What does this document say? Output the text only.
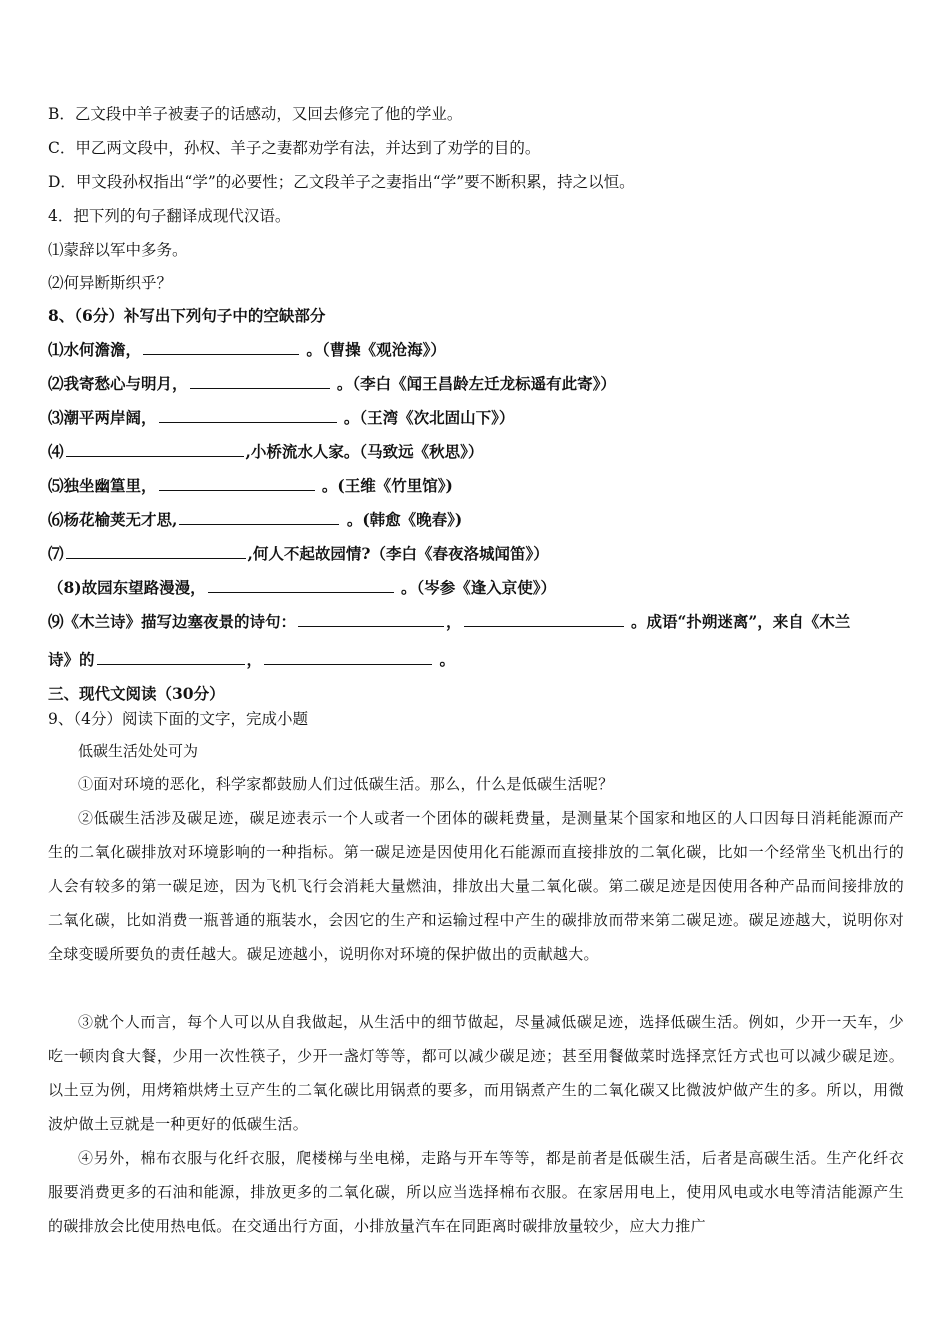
B．乙文段中羊子被妻子的话感动，又回去修完了他的学业。
C．甲乙两文段中，孙权、羊子之妻都劝学有法，并达到了劝学的目的。
D．甲文段孙权指出“学”的必要性；乙文段羊子之妻指出“学”要不断积累，持之以恒。
4．把下列的句子翻译成现代汉语。
⑴蒙辞以军中多务。
⑵何异断斯织乎？
8、（6分）补写出下列句子中的空缺部分
⑴水何澹澹，	。（曹操《观沧海》）
⑵我寄愁心与明月，	。（李白《闻王昌龄左迁龙标遥有此寄》）
⑶潮平两岸阔，	。（王湾《次北固山下》）
⑷	,小桥流水人家。（马致远《秋思》）
⑸独坐幽篁里，	。(王维《竹里馆》)
⑹杨花榆荚无才思,	。(韩愈《晚春》)
⑺	,何人不起故园情?（李白《春夜洛城闻笛》）
（8)故园东望路漫漫，	。（岑参《逢入京使》）
⑼《木兰诗》描写边塞夜景的诗句：	，	。成语“扑朔迷离”，来自《木兰
诗》的	，	。
三、现代文阅读（30分）
9、（4分）阅读下面的文字，完成小题
低碳生活处处可为
①面对环境的恶化，科学家都鼓励人们过低碳生活。那么，什么是低碳生活呢？
②低碳生活涉及碳足迹，碳足迹表示一个人或者一个团体的碳耗费量，是测量某个国家和地区的人口因每日消耗能源而产生的二氧化碳排放对环境影响的一种指标。第一碳足迹是因使用化石能源而直接排放的二氧化碳，比如一个经常坐飞机出行的人会有较多的第一碳足迹，因为飞机飞行会消耗大量燃油，排放出大量二氧化碳。第二碳足迹是因使用各种产品而间接排放的二氧化碳，比如消费一瓶普通的瓶装水，会因它的生产和运输过程中产生的碳排放而带来第二碳足迹。碳足迹越大，说明你对全球变暖所要负的责任越大。碳足迹越小，说明你对环境的保护做出的贡献越大。
③就个人而言，每个人可以从自我做起，从生活中的细节做起，尽量减低碳足迹，选择低碳生活。例如，少开一天车，少吃一顿肉食大餐，少用一次性筷子，少开一盏灯等等，都可以减少碳足迹；甚至用餐做菜时选择烹饪方式也可以减少碳足迹。以土豆为例，用烤箱烘烤土豆产生的二氧化碳比用锅煮的要多，而用锅煮产生的二氧化碳又比微波炉做产生的多。所以，用微波炉做土豆就是一种更好的低碳生活。
④另外，棉布衣服与化纤衣服，爬楼梯与坐电梯，走路与开车等等，都是前者是低碳生活，后者是高碳生活。生产化纤衣服要消费更多的石油和能源，排放更多的二氧化碳，所以应当选择棉布衣服。在家居用电上，使用风电或水电等清洁能源产生的碳排放会比使用热电低。在交通出行方面，小排放量汽车在同距离时碳排放量较少，应大力推广
